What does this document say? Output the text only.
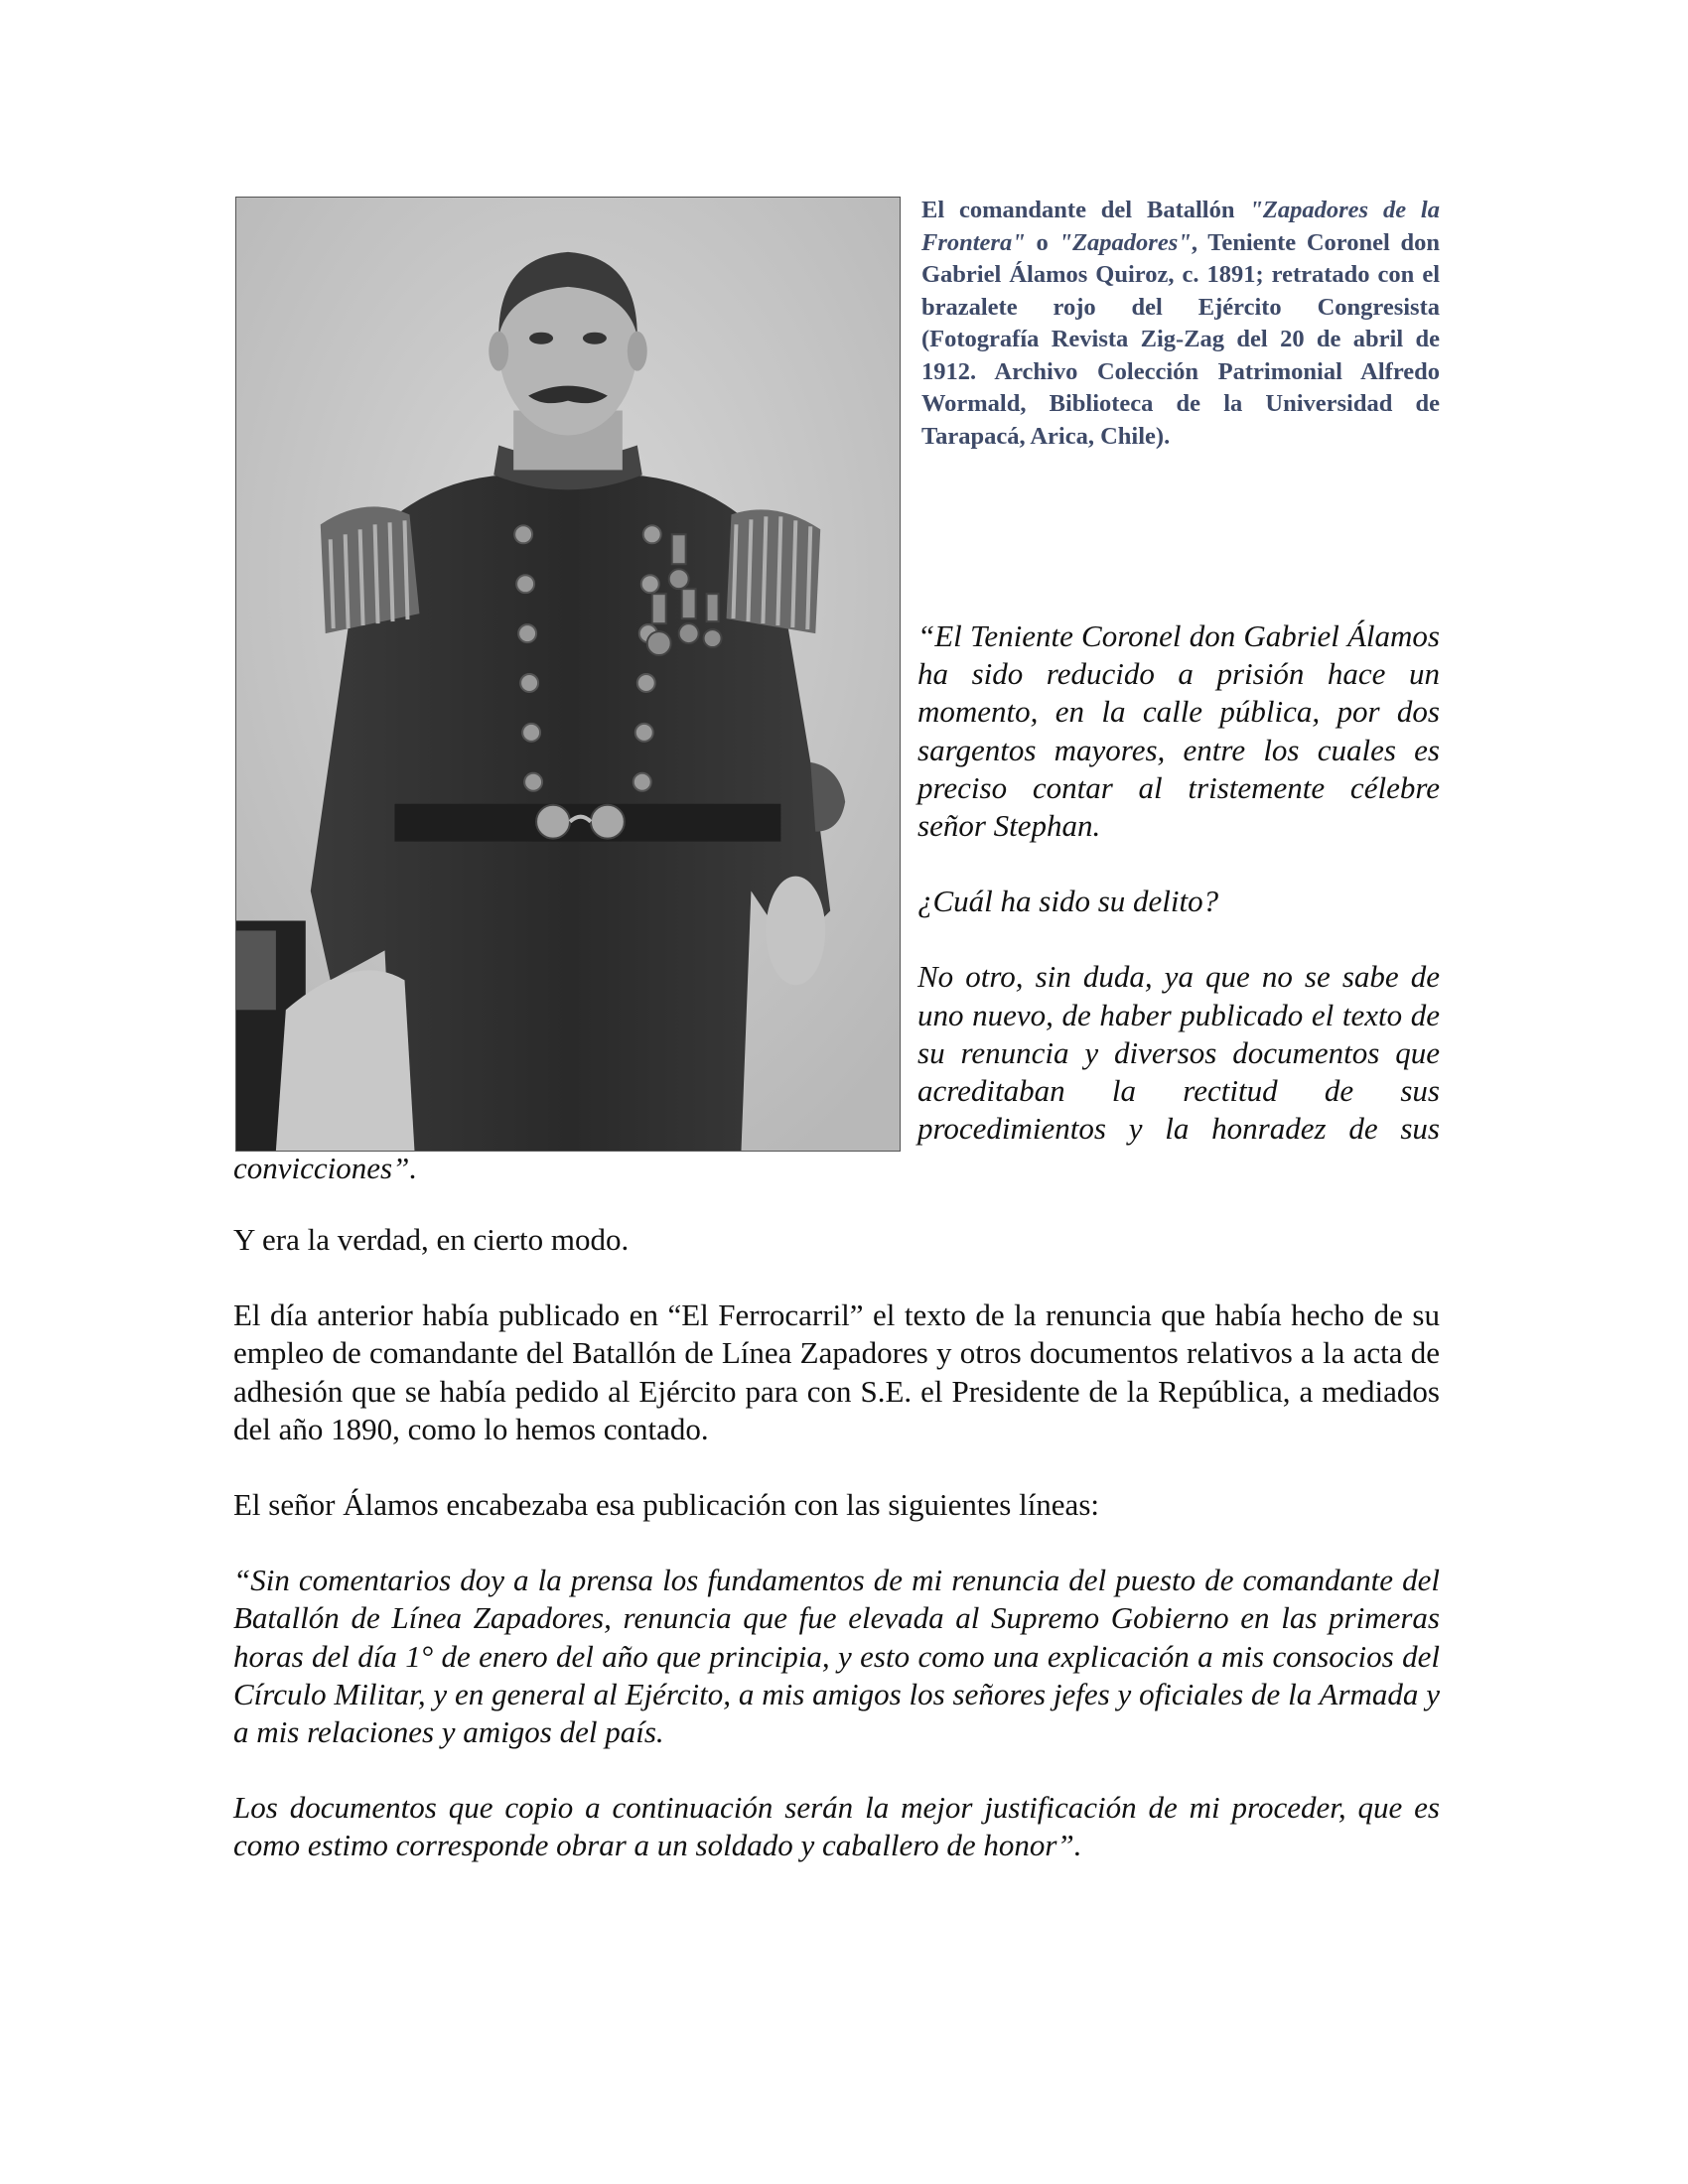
El comandante del Batallón "Zapadores de la Frontera" o "Zapadores", Teniente Coronel don Gabriel Álamos Quiroz, c. 1891; retratado con el brazalete rojo del Ejército Congresista (Fotografía Revista Zig-Zag del 20 de abril de 1912. Archivo Colección Patrimonial Alfredo Wormald, Biblioteca de la Universidad de Tarapacá, Arica, Chile).

“El Teniente Coronel don Gabriel Álamos ha sido reducido a prisión hace un momento, en la calle pública, por dos sargentos mayores, entre los cuales es preciso contar al tristemente célebre señor Stephan.

¿Cuál ha sido su delito?

No otro, sin duda, ya que no se sabe de uno nuevo, de haber publicado el texto de su renuncia y diversos documentos que acreditaban la rectitud de sus procedimientos y la honradez de sus

convicciones”.

Y era la verdad, en cierto modo.

El día anterior había publicado en “El Ferrocarril” el texto de la renuncia que había hecho de su empleo de comandante del Batallón de Línea Zapadores y otros documentos relativos a la acta de adhesión que se había pedido al Ejército para con S.E. el Presidente de la República, a mediados del año 1890, como lo hemos contado.

El señor Álamos encabezaba esa publicación con las siguientes líneas:

“Sin comentarios doy a la prensa los fundamentos de mi renuncia del puesto de comandante del Batallón de Línea Zapadores, renuncia que fue elevada al Supremo Gobierno en las primeras horas del día 1° de enero del año que principia, y esto como una explicación a mis consocios del Círculo Militar, y en general al Ejército, a mis amigos los señores jefes y oficiales de la Armada y a mis relaciones y amigos del país.

Los documentos que copio a continuación serán la mejor justificación de mi proceder, que es como estimo corresponde obrar a un soldado y caballero de honor”.
